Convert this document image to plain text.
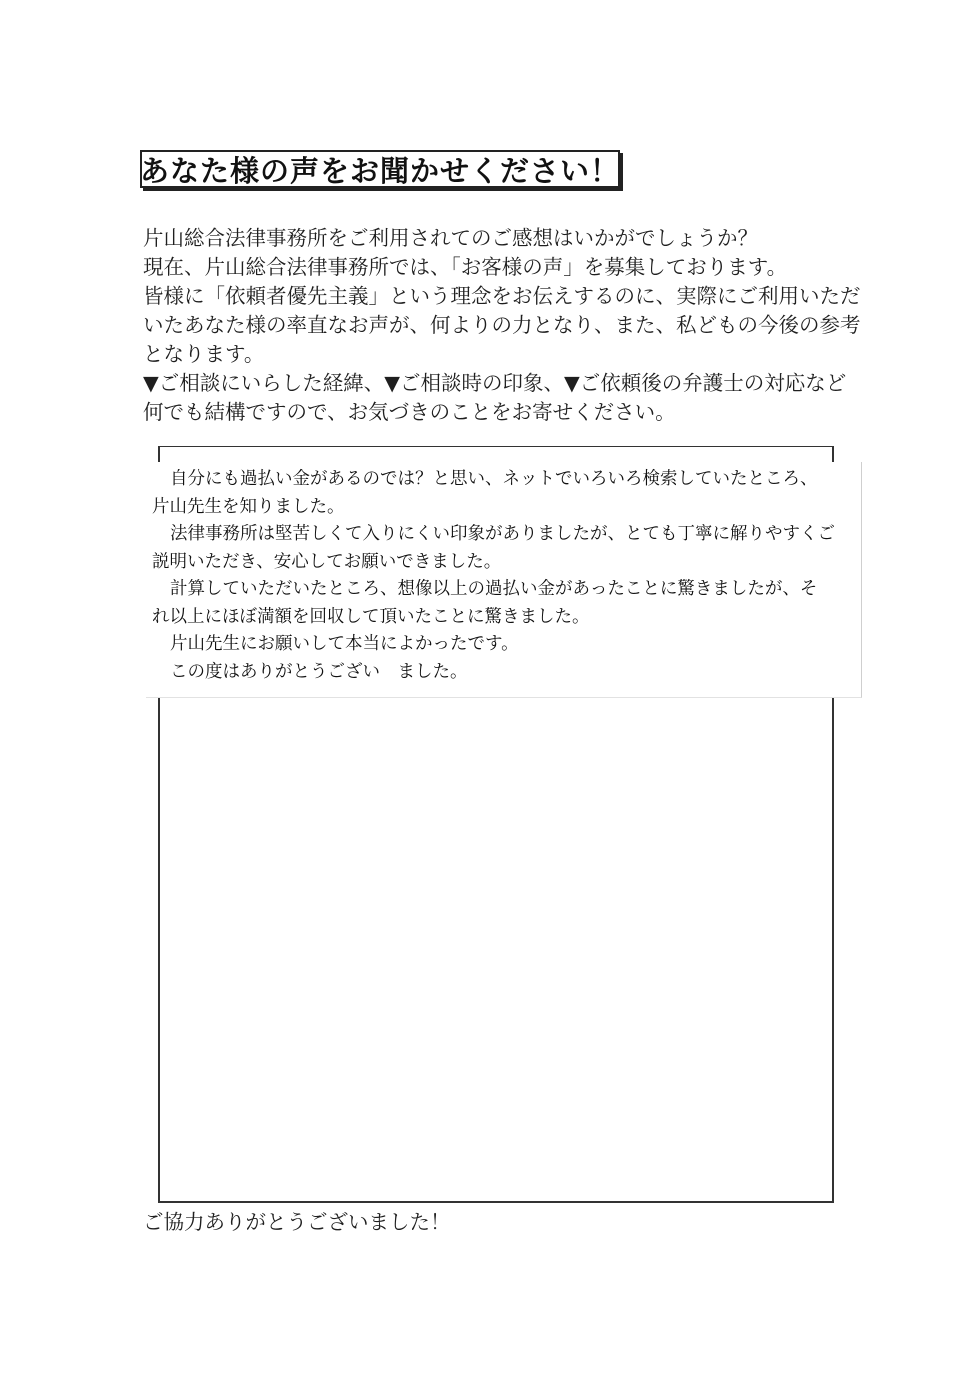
あなた様の声をお聞かせください！
片山総合法律事務所をご利用されてのご感想はいかがでしょうか？
現在、片山総合法律事務所では、「お客様の声」を募集しております。
皆様に「依頼者優先主義」という理念をお伝えするのに、実際にご利用いただ
いたあなた様の率直なお声が、何よりの力となり、また、私どもの今後の参考
となります。
▼ご相談にいらした経緯、▼ご相談時の印象、▼ご依頼後の弁護士の対応など
何でも結構ですので、お気づきのことをお寄せください。
自分にも過払い金があるのでは？と思い、ネットでいろいろ検索していたところ、
片山先生を知りました。
法律事務所は堅苦しくて入りにくい印象がありましたが、とても丁寧に解りやすくご
説明いただき、安心してお願いできました。
計算していただいたところ、想像以上の過払い金があったことに驚きましたが、そ
れ以上にほぼ満額を回収して頂いたことに驚きました。
片山先生にお願いして本当によかったです。
この度はありがとうござい　ました。
ご協力ありがとうございました！
